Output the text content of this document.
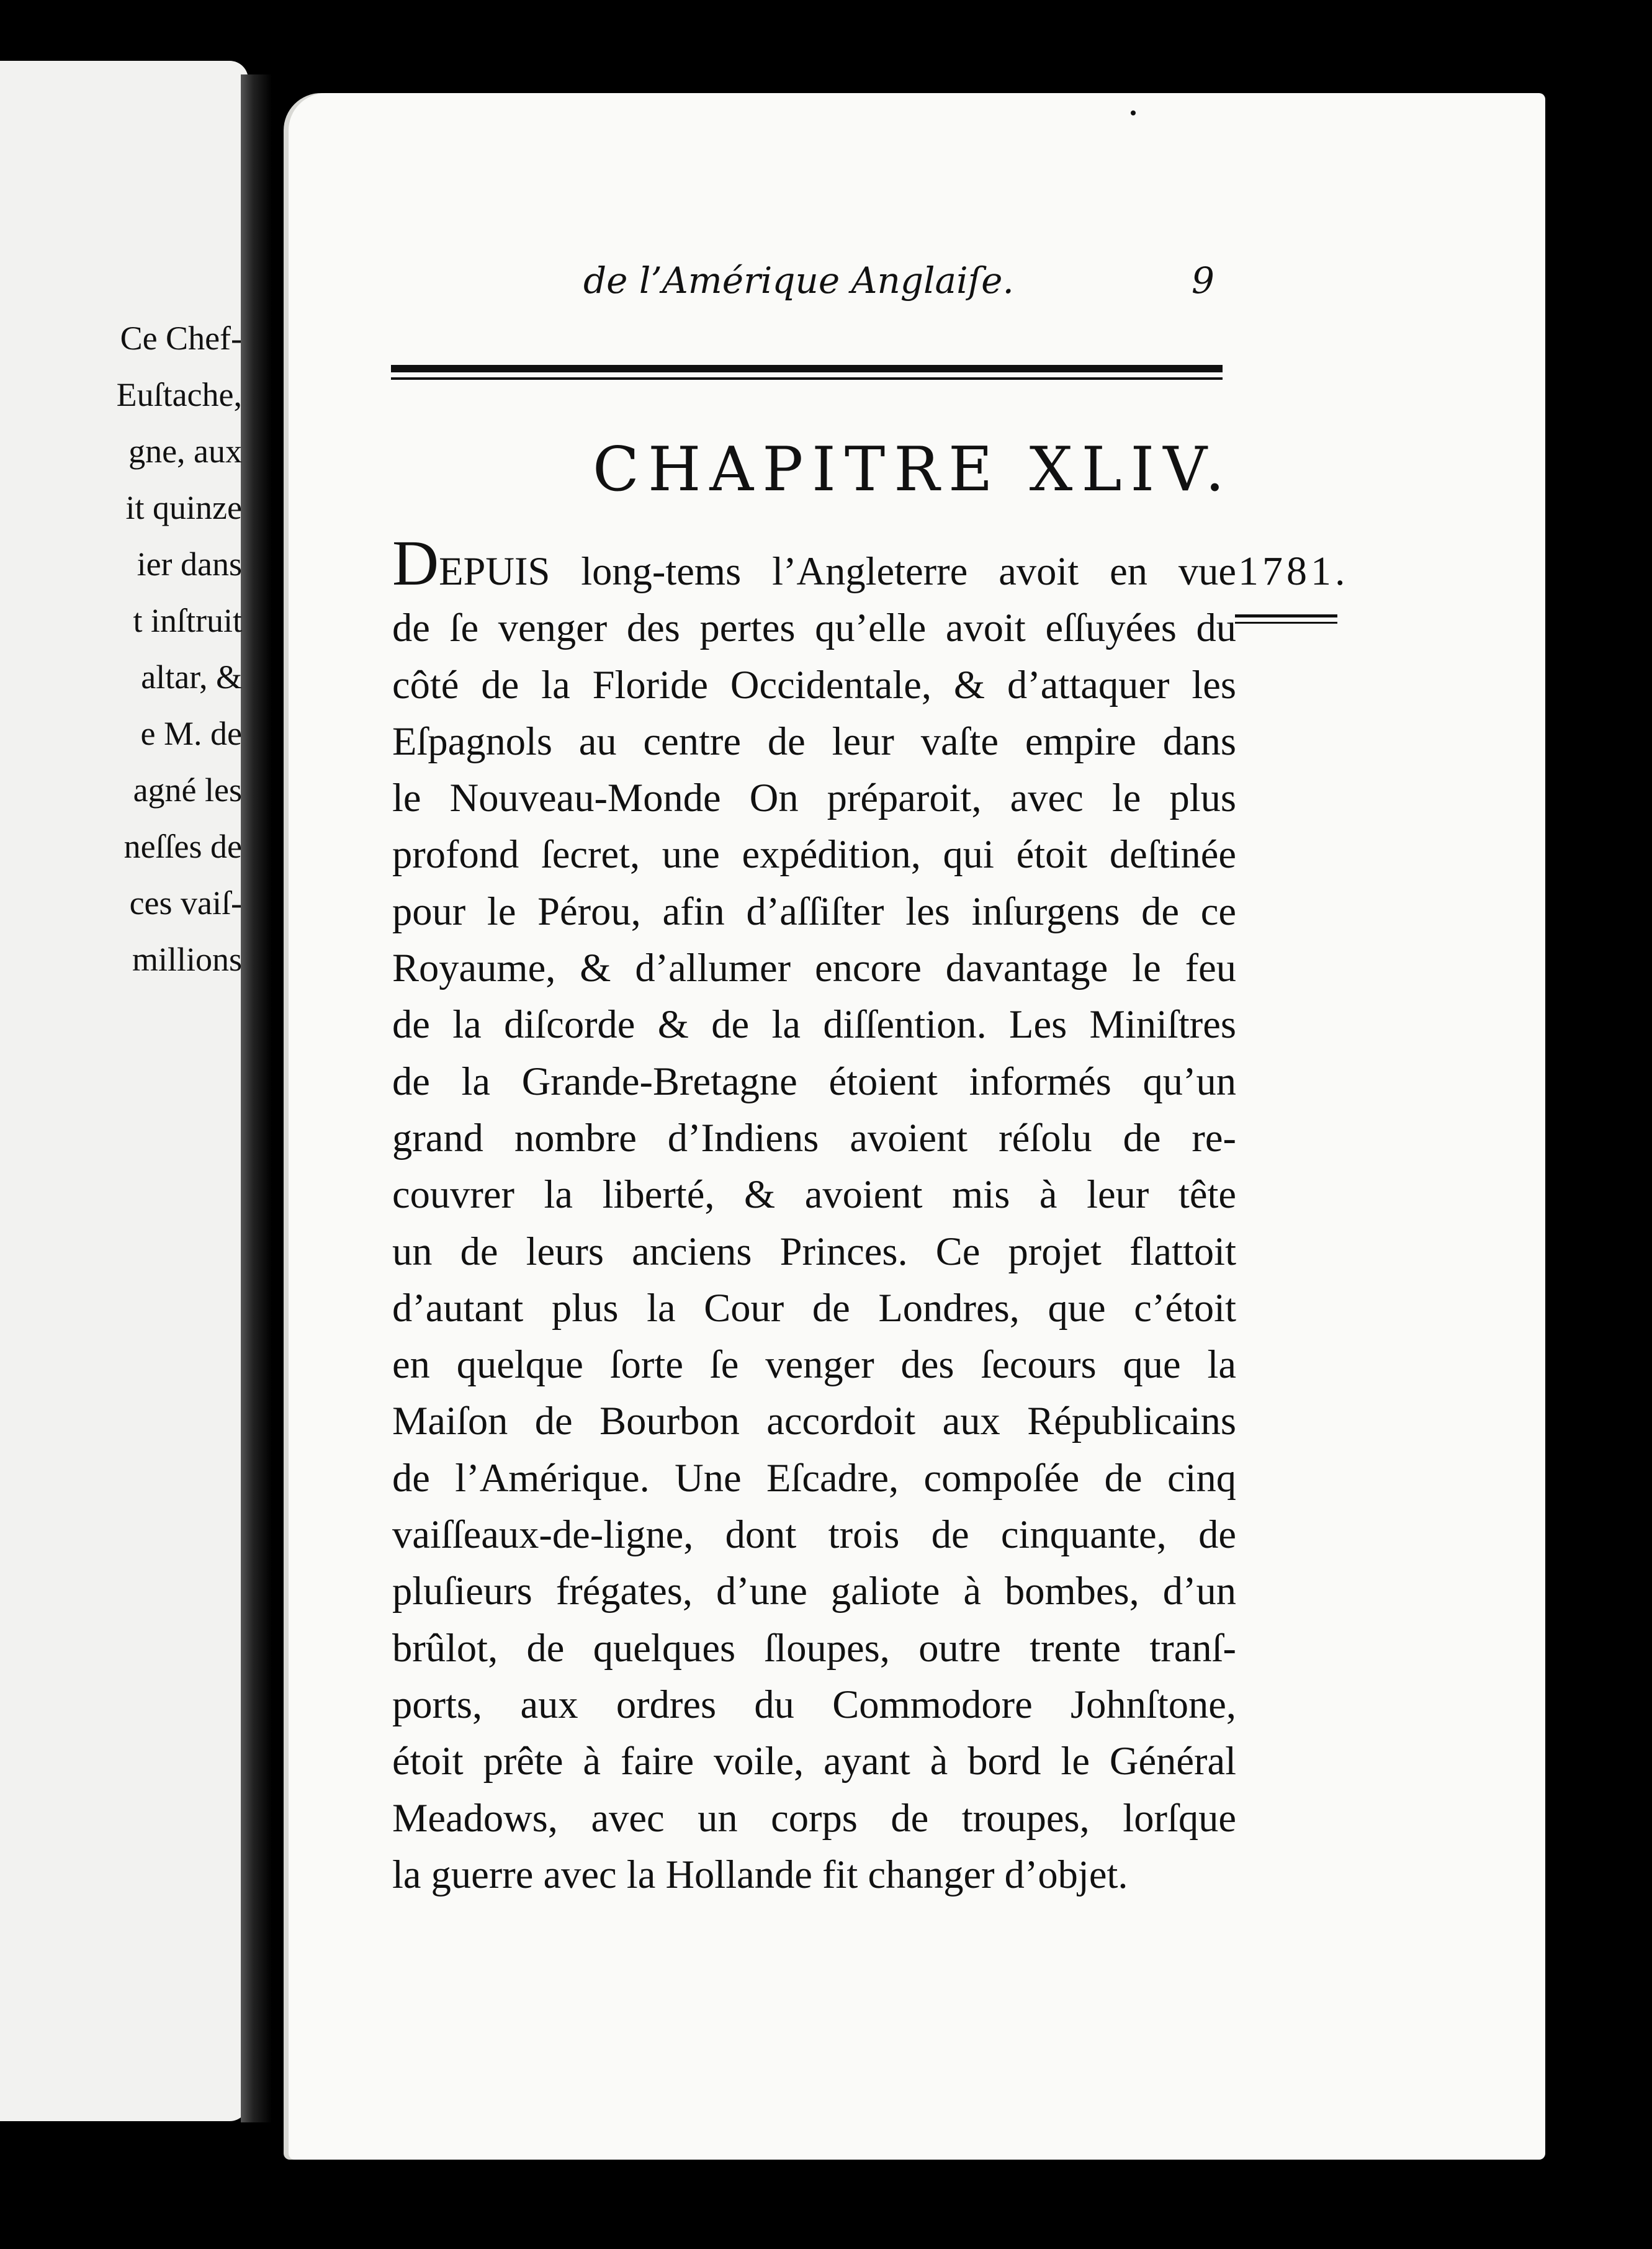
Ce Chef-
Euſtache,
gne, aux
it quinze
ier dans
t inſtruit
altar, &
e M. de
agné les
neſſes de
ces vaiſ-
millions
de l’Amérique Anglaiſe.	9
CHAPITRE XLIV.
1781.
DEPUIS long-tems l’Angleterre avoit en vue
de ſe venger des pertes qu’elle avoit eſſuyées du
côté de la Floride Occidentale, & d’attaquer les
Eſpagnols au centre de leur vaſte empire dans
le Nouveau-Monde On préparoit, avec le plus
profond ſecret, une expédition, qui étoit deſtinée
pour le Pérou, afin d’aſſiſter les inſurgens de ce
Royaume, & d’allumer encore davantage le feu
de la diſcorde & de la diſſention. Les Miniſtres
de la Grande-Bretagne étoient informés qu’un
grand nombre d’Indiens avoient réſolu de re-
couvrer la liberté, & avoient mis à leur tête
un de leurs anciens Princes. Ce projet flattoit
d’autant plus la Cour de Londres, que c’étoit
en quelque ſorte ſe venger des ſecours que la
Maiſon de Bourbon accordoit aux Républicains
de l’Amérique. Une Eſcadre, compoſée de cinq
vaiſſeaux-de-ligne, dont trois de cinquante, de
pluſieurs frégates, d’une galiote à bombes, d’un
brûlot, de quelques ſloupes, outre trente tranſ-
ports, aux ordres du Commodore Johnſtone,
étoit prête à faire voile, ayant à bord le Général
Meadows, avec un corps de troupes, lorſque
la guerre avec la Hollande fit changer d’objet.
